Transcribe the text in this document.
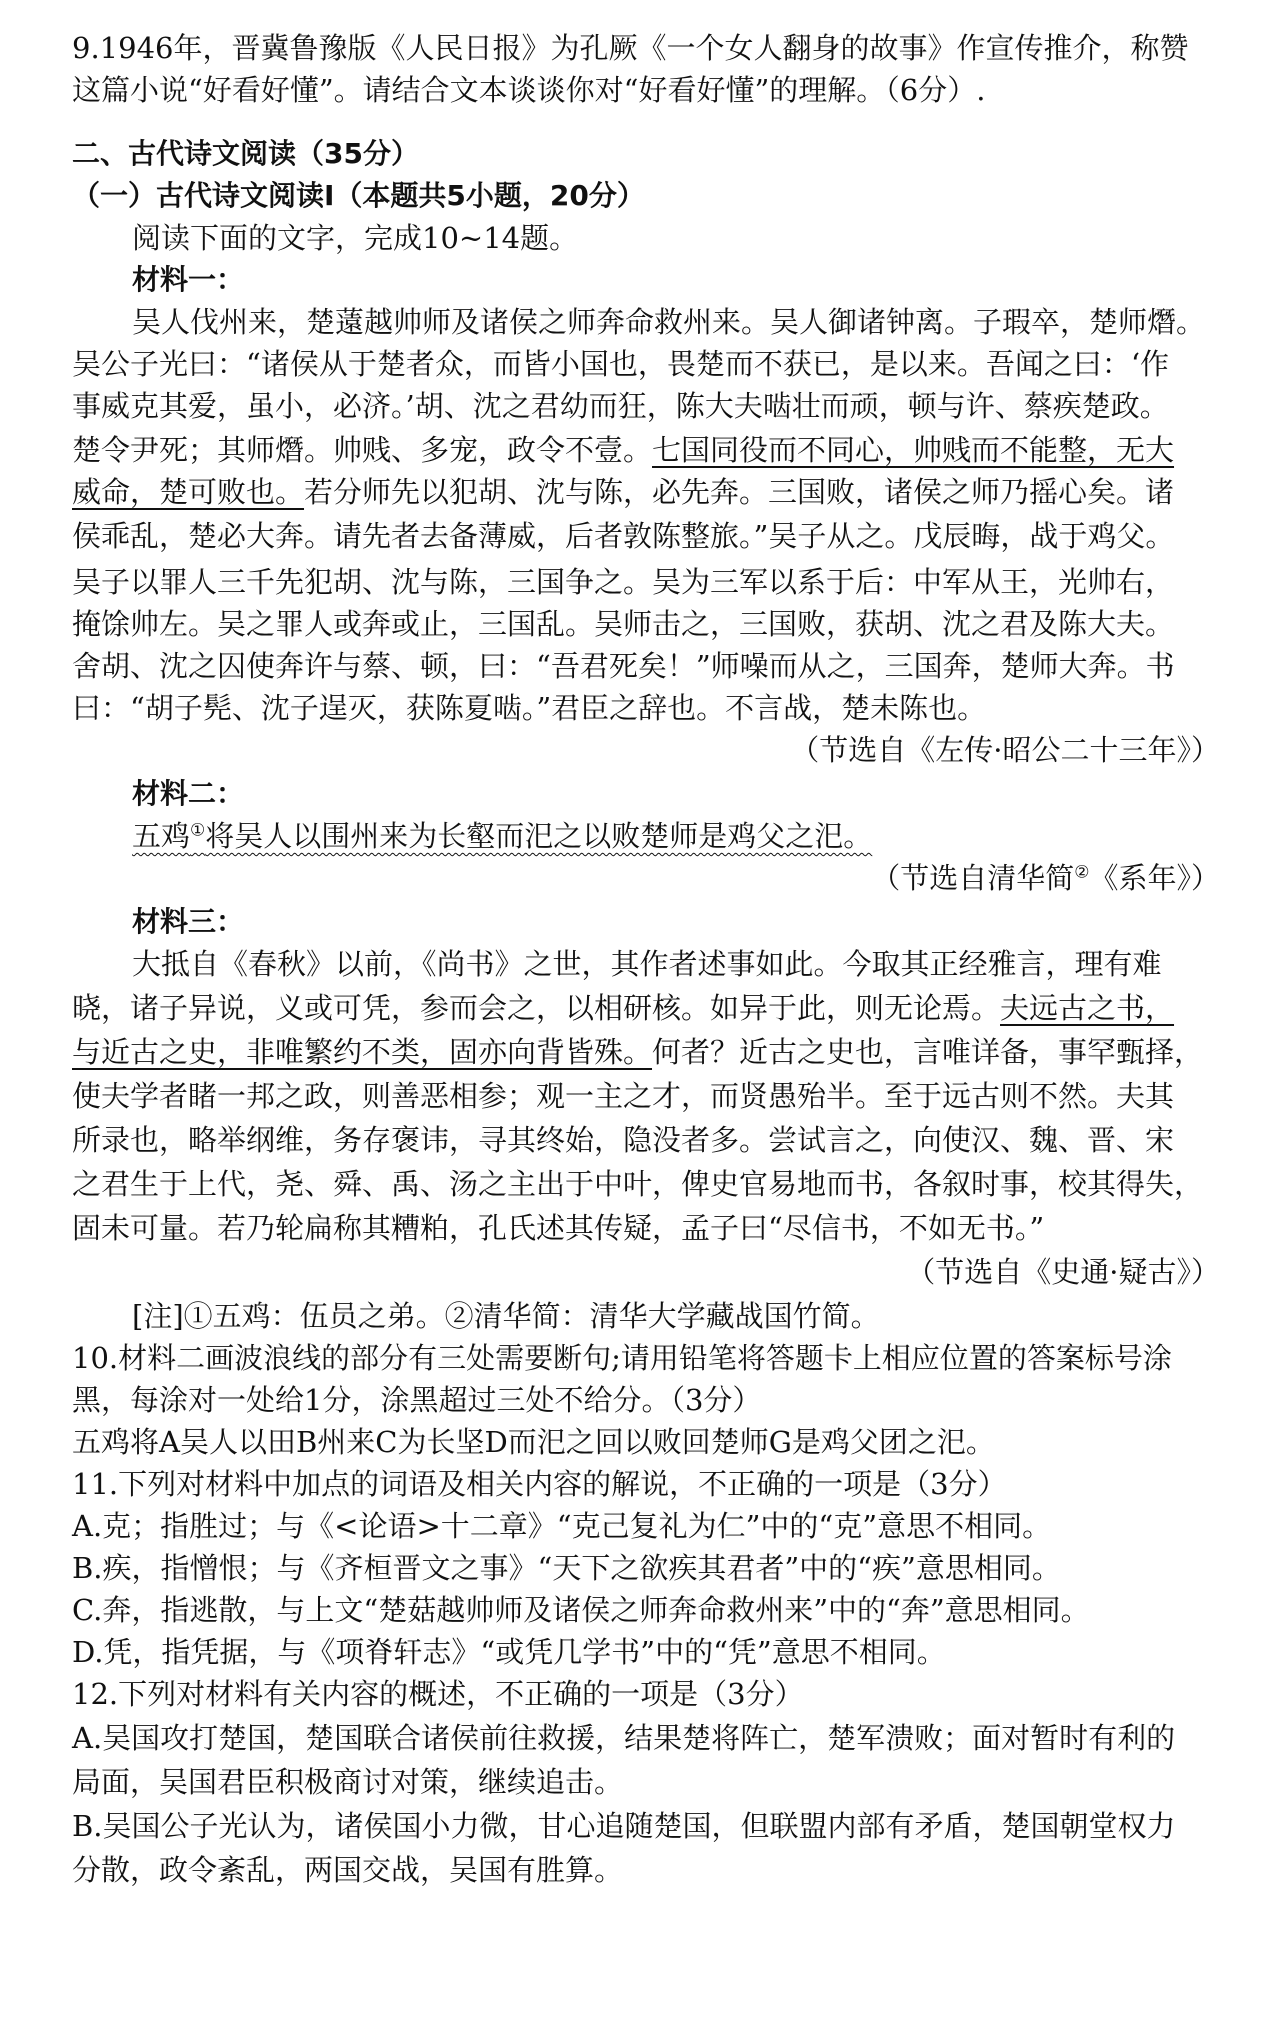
9.1946年，晋冀鲁豫版《人民日报》为孔厥《一个女人翻身的故事》作宣传推介，称赞
这篇小说“好看好懂”。请结合文本谈谈你对“好看好懂”的理解。（6分）.
二、古代诗文阅读（35分）
（一）古代诗文阅读Ⅰ（本题共5小题，20分）
阅读下面的文字，完成10~14题。
材料一：
吴人伐州来，楚薳越帅师及诸侯之师奔命救州来。吴人御诸钟离。子瑕卒，楚师熸。
吴公子光曰：“诸侯从于楚者众，而皆小国也，畏楚而不获已，是以来。吾闻之曰：‘作
事威克其爱，虽小，必济。’胡、沈之君幼而狂，陈大夫啮壮而顽，顿与许、蔡疾楚政。
楚令尹死；其师熸。帅贱、多宠，政令不壹。七国同役而不同心，帅贱而不能整，无大
威命，楚可败也。若分师先以犯胡、沈与陈，必先奔。三国败，诸侯之师乃摇心矣。诸
侯乖乱，楚必大奔。请先者去备薄威，后者敦陈整旅。”吴子从之。戊辰晦，战于鸡父。
吴子以罪人三千先犯胡、沈与陈，三国争之。吴为三军以系于后：中军从王，光帅右，
掩馀帅左。吴之罪人或奔或止，三国乱。吴师击之，三国败，获胡、沈之君及陈大夫。
舍胡、沈之囚使奔许与蔡、顿，曰：“吾君死矣！”师噪而从之，三国奔，楚师大奔。书
曰：“胡子髡、沈子逞灭，获陈夏啮。”君臣之辞也。不言战，楚未陈也。
（节选自《左传·昭公二十三年》）
材料二：
五鸡①将吴人以围州来为长壑而汜之以败楚师是鸡父之汜。
（节选自清华简②《系年》）
材料三：
大抵自《春秋》以前，《尚书》之世，其作者述事如此。今取其正经雅言，理有难
晓，诸子异说，义或可凭，参而会之，以相研核。如异于此，则无论焉。夫远古之书，
与近古之史，非唯繁约不类，固亦向背皆殊。何者？近古之史也，言唯详备，事罕甄择，
使夫学者睹一邦之政，则善恶相参；观一主之才，而贤愚殆半。至于远古则不然。夫其
所录也，略举纲维，务存褒讳，寻其终始，隐没者多。尝试言之，向使汉、魏、晋、宋
之君生于上代，尧、舜、禹、汤之主出于中叶，俾史官易地而书，各叙时事，校其得失，
固未可量。若乃轮扁称其糟粕，孔氏述其传疑，孟子曰“尽信书，不如无书。”
（节选自《史通·疑古》）
[注]①五鸡：伍员之弟。②清华简：清华大学藏战国竹简。
10.材料二画波浪线的部分有三处需要断句;请用铅笔将答题卡上相应位置的答案标号涂
黑，每涂对一处给1分，涂黑超过三处不给分。（3分）
五鸡将A吴人以田B州来C为长坚D而汜之回以败回楚师G是鸡父团之汜。
11.下列对材料中加点的词语及相关内容的解说，不正确的一项是（3分）
A.克；指胜过；与《<论语>十二章》“克己复礼为仁”中的“克”意思不相同。
B.疾，指憎恨；与《齐桓晋文之事》“天下之欲疾其君者”中的“疾”意思相同。
C.奔，指逃散，与上文“楚菇越帅师及诸侯之师奔命救州来”中的“奔”意思相同。
D.凭，指凭据，与《项脊轩志》“或凭几学书”中的“凭”意思不相同。
12.下列对材料有关内容的概述，不正确的一项是（3分）
A.吴国攻打楚国，楚国联合诸侯前往救援，结果楚将阵亡，楚军溃败；面对暂时有利的
局面，吴国君臣积极商讨对策，继续追击。
B.吴国公子光认为，诸侯国小力微，甘心追随楚国，但联盟内部有矛盾，楚国朝堂权力
分散，政令紊乱，两国交战，吴国有胜算。
